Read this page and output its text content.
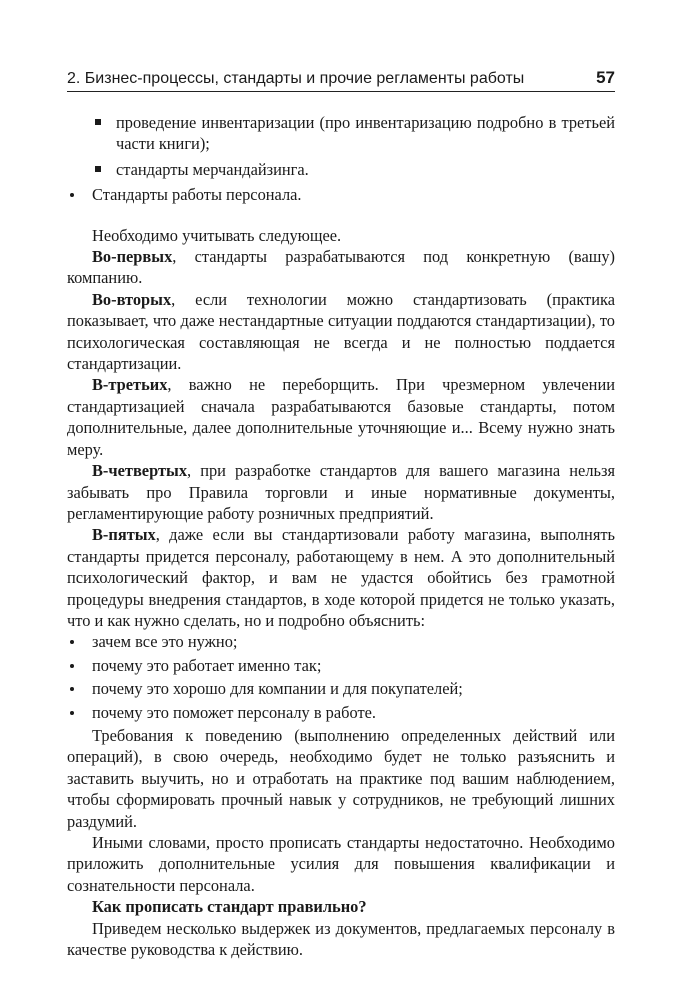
2. Бизнес-процессы, стандарты и прочие регламенты работы	57
проведение инвентаризации (про инвентаризацию подробно в третьей части книги);
стандарты мерчандайзинга.
Стандарты работы персонала.

Необходимо учитывать следующее.

Во-первых, стандарты разрабатываются под конкретную (вашу) компанию.

Во-вторых, если технологии можно стандартизовать (практика показывает, что даже нестандартные ситуации поддаются стандартизации), то психологическая составляющая не всегда и не полностью поддается стандартизации.

В-третьих, важно не переборщить. При чрезмерном увлечении стандартизацией сначала разрабатываются базовые стандарты, потом дополнительные, далее дополнительные уточняющие и... Всему нужно знать меру.

В-четвертых, при разработке стандартов для вашего магазина нельзя забывать про Правила торговли и иные нормативные документы, регламентирующие работу розничных предприятий.

В-пятых, даже если вы стандартизовали работу магазина, выполнять стандарты придется персоналу, работающему в нем. А это дополнительный психологический фактор, и вам не удастся обойтись без грамотной процедуры внедрения стандартов, в ходе которой придется не только указать, что и как нужно сделать, но и подробно объяснить:

зачем все это нужно;
почему это работает именно так;
почему это хорошо для компании и для покупателей;
почему это поможет персоналу в работе.

Требования к поведению (выполнению определенных действий или операций), в свою очередь, необходимо будет не только разъяснить и заставить выучить, но и отработать на практике под вашим наблюдением, чтобы сформировать прочный навык у сотрудников, не требующий лишних раздумий.

Иными словами, просто прописать стандарты недостаточно. Необходимо приложить дополнительные усилия для повышения квалификации и сознательности персонала.

Как прописать стандарт правильно?

Приведем несколько выдержек из документов, предлагаемых персоналу в качестве руководства к действию.
